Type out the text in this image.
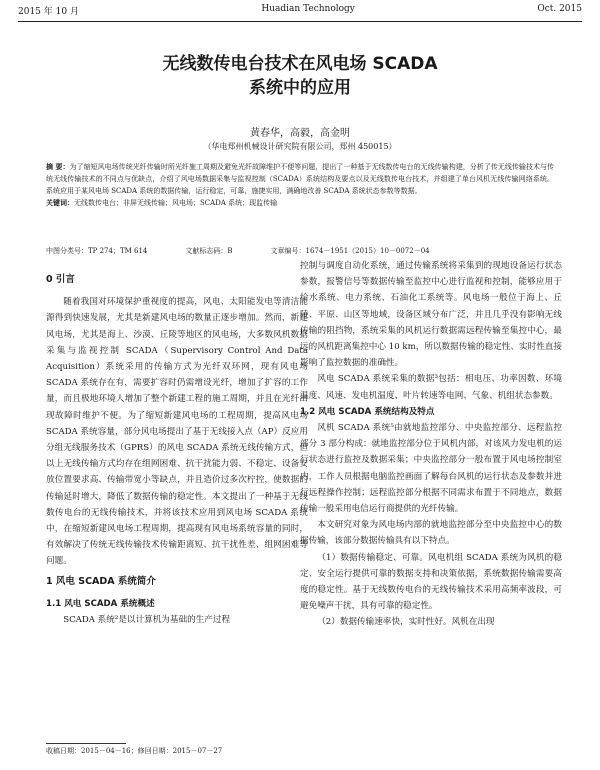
2015 年 10 月	Huadian Technology	Oct. 2015
无线数传电台技术在风电场 SCADA
系统中的应用
黄春华，高毅，高金明
（华电郑州机械设计研究院有限公司，郑州 450015）
摘 要：为了缩短风电场传统光纤传输时所光纤施工周期及避免光纤故障维护不便等问题，提出了一种基于无线数传电台的无线传输构建，分析了传无线传输技术与传统无线传输技术的不同点与优缺点，介绍了风电场数据采集与监视控制（SCADA）系统结构及要点以及无线数传电台技术，并组建了单台风机无线传输网络系统。系统应用于某风电场 SCADA 系统的数据传输，运行稳定，可靠，施捷实用，满确地改善 SCADA 系统状态参数等数据。
关键词：无线数传电台；非屏无线传输；风电场；SCADA 系统；现监传输
中图分类号：TP 274；TM 614	文献标志码：B	文章编号：1674－1951（2015）10－0072－04
0 引言
随着我国对环境保护重视度的提高，风电、太阳能发电等清洁能源得到快速发展，尤其是新建风电场的数量正逐步增加。然而，新建风电场，尤其是海上、沙漠、丘陵等地区的风电场，大多数风机数据采集与监视控制 SCADA（Supervisory Control And Data Acquisition）系统采用的传输方式为光纤双环网，现有风电场 SCADA 系统存在有，需要扩容时仍需增设光纤，增加了扩容的工作量，而且极地环境人增加了整个新建工程的施工周期，并且在光纤出现故障时维护不便。为了缩短新建风电场的工程周期，提高风电场 SCADA 系统容量，部分风电场提出了基于无线接入点（AP）反应用分组无线服务技术（GPRS）的风电 SCADA 系统无线传输方式，但以上无线传输方式均存在组网困难、抗干扰能力弱、不稳定、设备安放位置要求高、传输带宽小等缺点，并且造价过多次柠控，使数据的传输延时增大，降低了数据传输的稳定性。本文提出了一种基于无线数传电台的无线传输技术，并将该技术应用到风电场 SCADA 系统中，在缩短新建风电场工程周期，提高现有风电场系统容量的同时，有效解决了传统无线传输技术传输距离短、抗干扰性差、组网困难等问题。
1 风电 SCADA 系统简介
1.1 风电 SCADA 系统概述
SCADA 系统²是以计算机为基础的生产过程
控制与调度自动化系统，通过传输系统将采集到的现地设备运行状态参数，报警信号等数据传输至监控中心进行监视和控制，能够应用于给水系统、电力系统、石油化工系统等。风电场一般位于海上、丘陵、平原、山区等地域，设备区域分布广泛，并且几乎没有影响无线传输的阻挡物，系统采集的风机运行数据需远程传输至集控中心，最远的风机距离集控中心 10 km，所以数据传输的稳定性、实时性直接影响了监控数据的准确性。
风电 SCADA 系统采集的数据³包括：相电压、功率因数、环境温度、风速、发电机温度、叶片转速等电网、气象、机组状态参数。
1.2 风电 SCADA 系统结构及特点
风机 SCADA 系统⁵由就地监控部分、中央监控部分、远程监控部分 3 部分构成：就地监控部分位于风机内部，对该风力发电机的运行状态进行监控及数据采集；中央监控部分一般布置于风电场控制室内，工作人员根据电脑监控画面了解每台风机的运行状态及参数并进行远程操作控制；远程监控部分根据不同需求布置于不同地点，数据传输一般采用电信运行商提供的光纤传输。
本文研究对象为风电场内部的就地监控部分至中央监控中心的数据传输，该部分数据传输具有以下特点。
（1）数据传输稳定、可靠。风电机组 SCADA 系统为风机的稳定、安全运行提供可靠的数据支持和决策依据，系统数据传输需要高度的稳定性。基于无线数传电台的无线传输技术采用高频率波段，可避免噪声干扰，具有可靠的稳定性。
（2）数据传输速率快，实时性好。风机在出现
收稿日期：2015－04－16；修回日期：2015－07－27
